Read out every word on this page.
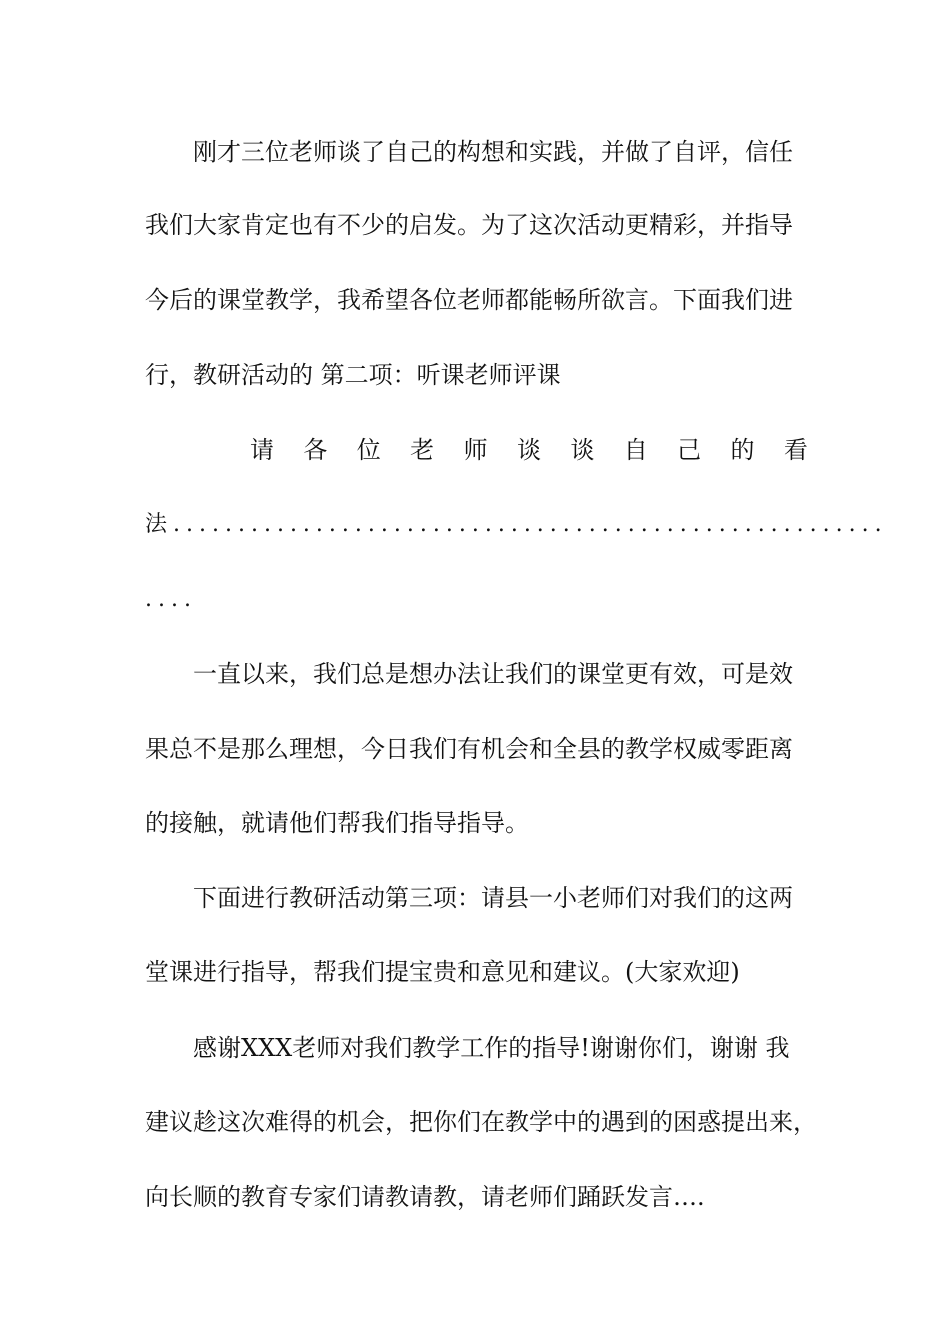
刚才三位老师谈了自己的构想和实践，并做了自评，信任
我们大家肯定也有不少的启发。为了这次活动更精彩，并指导
今后的课堂教学，我希望各位老师都能畅所欲言。下面我们进
行，教研活动的 第二项：听课老师评课
请 各 位 老 师 谈 谈 自 己 的 看
法.......................................................
....
一直以来，我们总是想办法让我们的课堂更有效，可是效
果总不是那么理想，今日我们有机会和全县的教学权威零距离
的接触，就请他们帮我们指导指导。
下面进行教研活动第三项：请县一小老师们对我们的这两
堂课进行指导，帮我们提宝贵和意见和建议。(大家欢迎)
感谢XXX老师对我们教学工作的指导!谢谢你们，谢谢 我
建议趁这次难得的机会，把你们在教学中的遇到的困惑提出来，
向长顺的教育专家们请教请教，请老师们踊跃发言….
